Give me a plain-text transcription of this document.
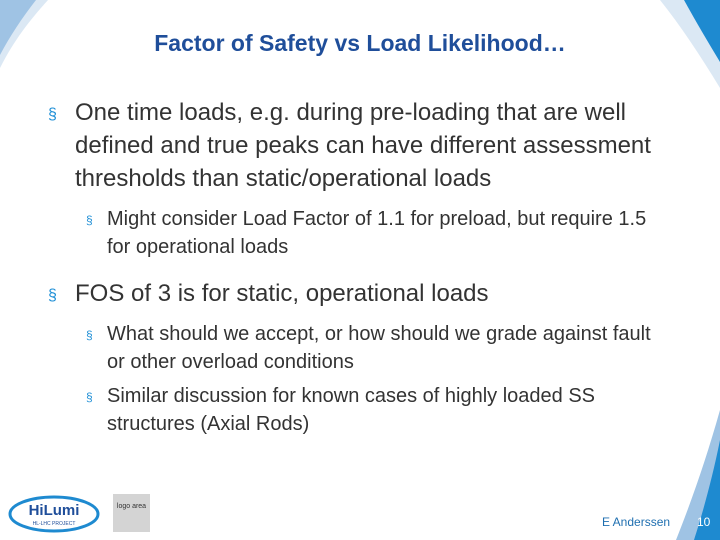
Factor of Safety vs Load Likelihood…
§ One time loads, e.g. during pre-loading that are well defined and true peaks can have different assessment thresholds than static/operational loads
§ Might consider Load Factor of 1.1 for preload, but require 1.5 for operational loads
§ FOS of 3 is for static, operational loads
§ What should we accept, or how should we grade against fault or other overload conditions
§ Similar discussion for known cases of highly loaded SS structures (Axial Rods)
HiLumi
HL-LHC PROJECT
logo area
E Anderssen 10
